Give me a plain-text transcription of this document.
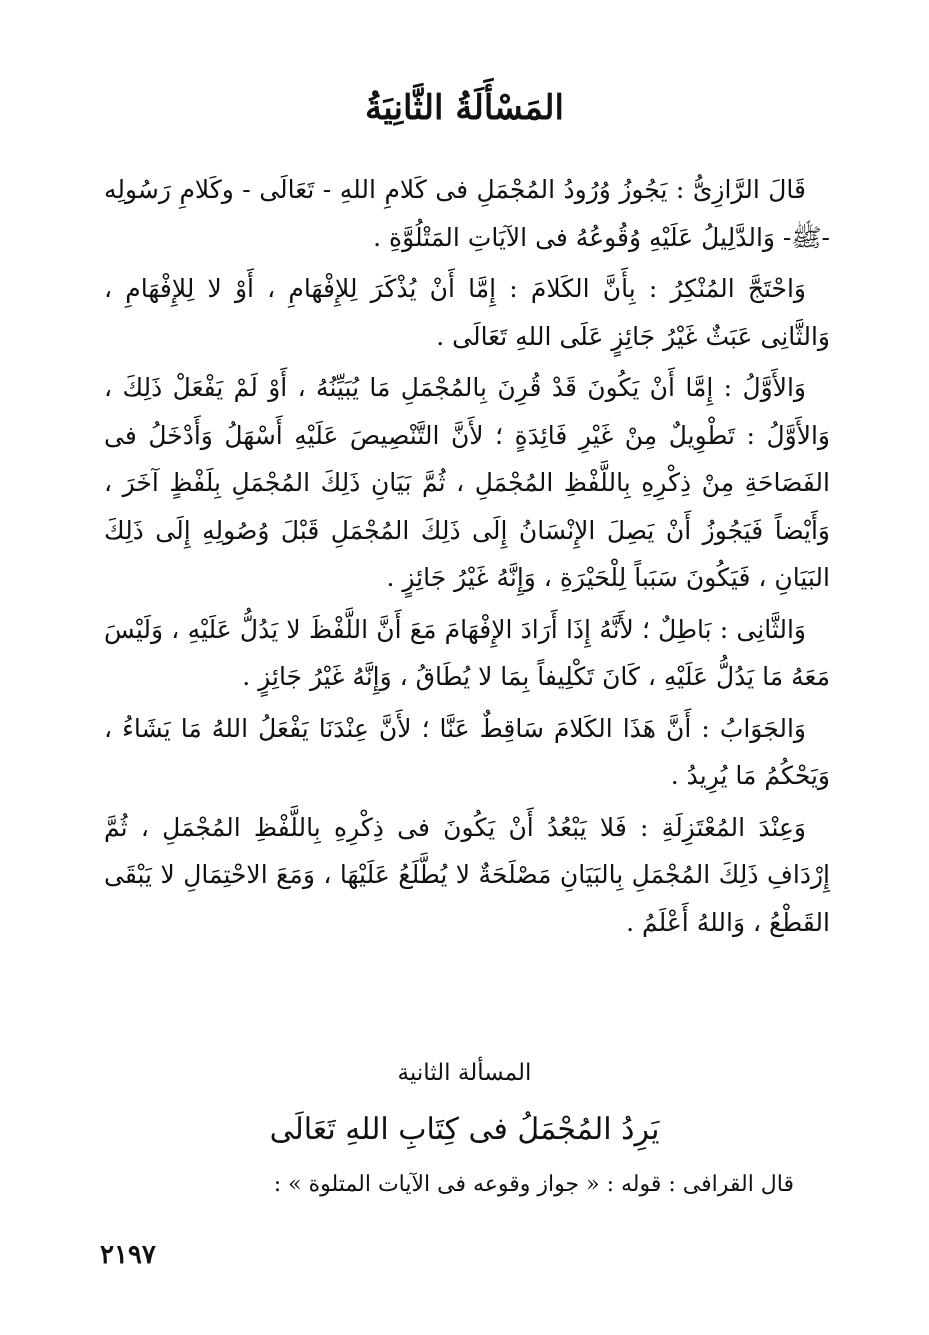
المَسْأَلَةُ الثَّانِيَةُ

قَالَ الرَّازِىُّ : يَجُوزُ وُرُودُ المُجْمَلِ فى كَلامِ اللهِ - تَعَالَى - وكَلامِ رَسُولِه -ﷺ- وَالدَّلِيلُ عَلَيْهِ وُقُوعُهُ فى الآيَاتِ المَتْلُوَّةِ .

وَاحْتَجَّ المُنْكِرُ : بِأَنَّ الكَلامَ : إِمَّا أَنْ يُذْكَرَ لِلإِفْهَامِ ، أَوْ لا لِلإِفْهَامِ ، وَالثَّانِى عَبَثٌ غَيْرُ جَائِزٍ عَلَى اللهِ تَعَالَى .

وَالأَوَّلُ : إِمَّا أَنْ يَكُونَ قَدْ قُرِنَ بِالمُجْمَلِ مَا يُبَيِّنُهُ ، أَوْ لَمْ يَفْعَلْ ذَلِكَ ، وَالأَوَّلُ : تَطْوِيلٌ مِنْ غَيْرِ فَائِدَةٍ ؛ لأَنَّ التَّنْصِيصَ عَلَيْهِ أَسْهَلُ وَأَدْخَلُ فى الفَصَاحَةِ مِنْ ذِكْرِهِ بِاللَّفْظِ المُجْمَلِ ، ثُمَّ بَيَانِ ذَلِكَ المُجْمَلِ بِلَفْظٍ آخَرَ ، وَأَيْضاً فَيَجُوزُ أَنْ يَصِلَ الإِنْسَانُ إِلَى ذَلِكَ المُجْمَلِ قَبْلَ وُصُولِهِ إِلَى ذَلِكَ البَيَانِ ، فَيَكُونَ سَبَباً لِلْحَيْرَةِ ، وَإِنَّهُ غَيْرُ جَائِزٍ .

وَالثَّانِى : بَاطِلٌ ؛ لأَنَّهُ إِذَا أَرَادَ الإِفْهَامَ مَعَ أَنَّ اللَّفْظَ لا يَدُلُّ عَلَيْهِ ، وَلَيْسَ مَعَهُ مَا يَدُلُّ عَلَيْهِ ، كَانَ تَكْلِيفاً بِمَا لا يُطَاقُ ، وَإِنَّهُ غَيْرُ جَائِزٍ .

وَالجَوَابُ : أَنَّ هَذَا الكَلامَ سَاقِطٌ عَنَّا ؛ لأَنَّ عِنْدَنَا يَفْعَلُ اللهُ مَا يَشَاءُ ، وَيَحْكُمُ مَا يُرِيدُ .

وَعِنْدَ المُعْتَزِلَةِ : فَلا يَبْعُدُ أَنْ يَكُونَ فى ذِكْرِهِ بِاللَّفْظِ المُجْمَلِ ، ثُمَّ إِرْدَافِ ذَلِكَ المُجْمَلِ بِالبَيَانِ مَصْلَحَةٌ لا يُطَّلَعُ عَلَيْهَا ، وَمَعَ الاحْتِمَالِ لا يَبْقَى القَطْعُ ، وَاللهُ أَعْلَمُ .

المسألة الثانية
يَرِدُ المُجْمَلُ فى كِتَابِ اللهِ تَعَالَى
قال القرافى : قوله : « جواز وقوعه فى الآيات المتلوة » :
٢١٩٧
